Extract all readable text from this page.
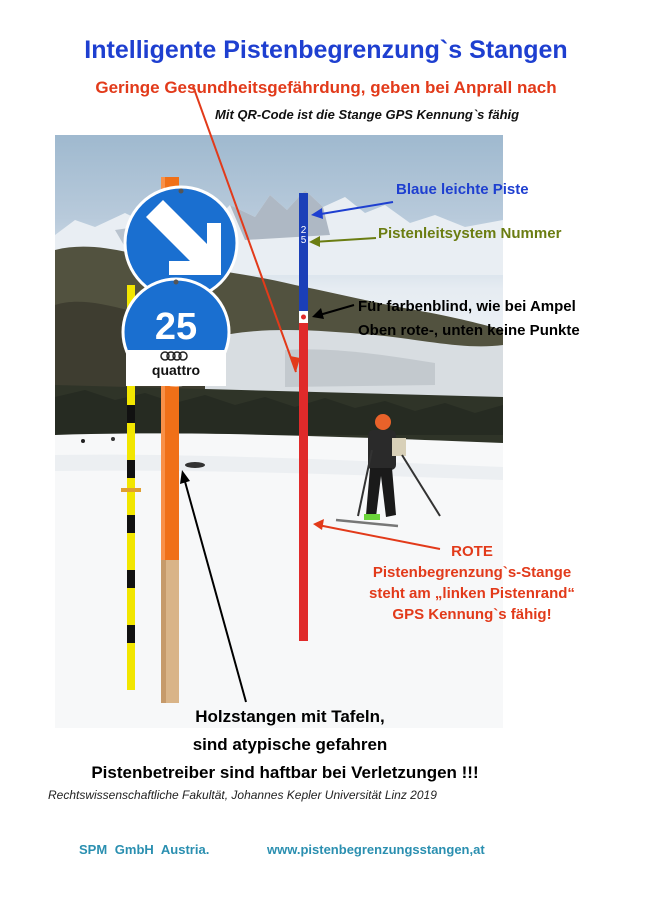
Intelligente Pistenbegrenzung`s Stangen
Geringe Gesundheitsgefährdung, geben bei Anprall nach
Mit QR-Code ist die Stange GPS Kennung`s fähig
25
quattro
25
Blaue leichte Piste
Pistenleitsystem Nummer
Für farbenblind, wie bei Ampel
Oben rote-, unten keine Punkte
ROTE
Pistenbegrenzung`s-Stange
steht am „linken Pistenrand“
GPS Kennung`s fähig!
Holzstangen mit Tafeln,
sind atypische gefahren
Pistenbetreiber sind haftbar bei Verletzungen !!!
Rechtswissenschaftliche Fakultät, Johannes Kepler Universität Linz 2019
SPM GmbH Austria.	www.pistenbegrenzungsstangen,at
